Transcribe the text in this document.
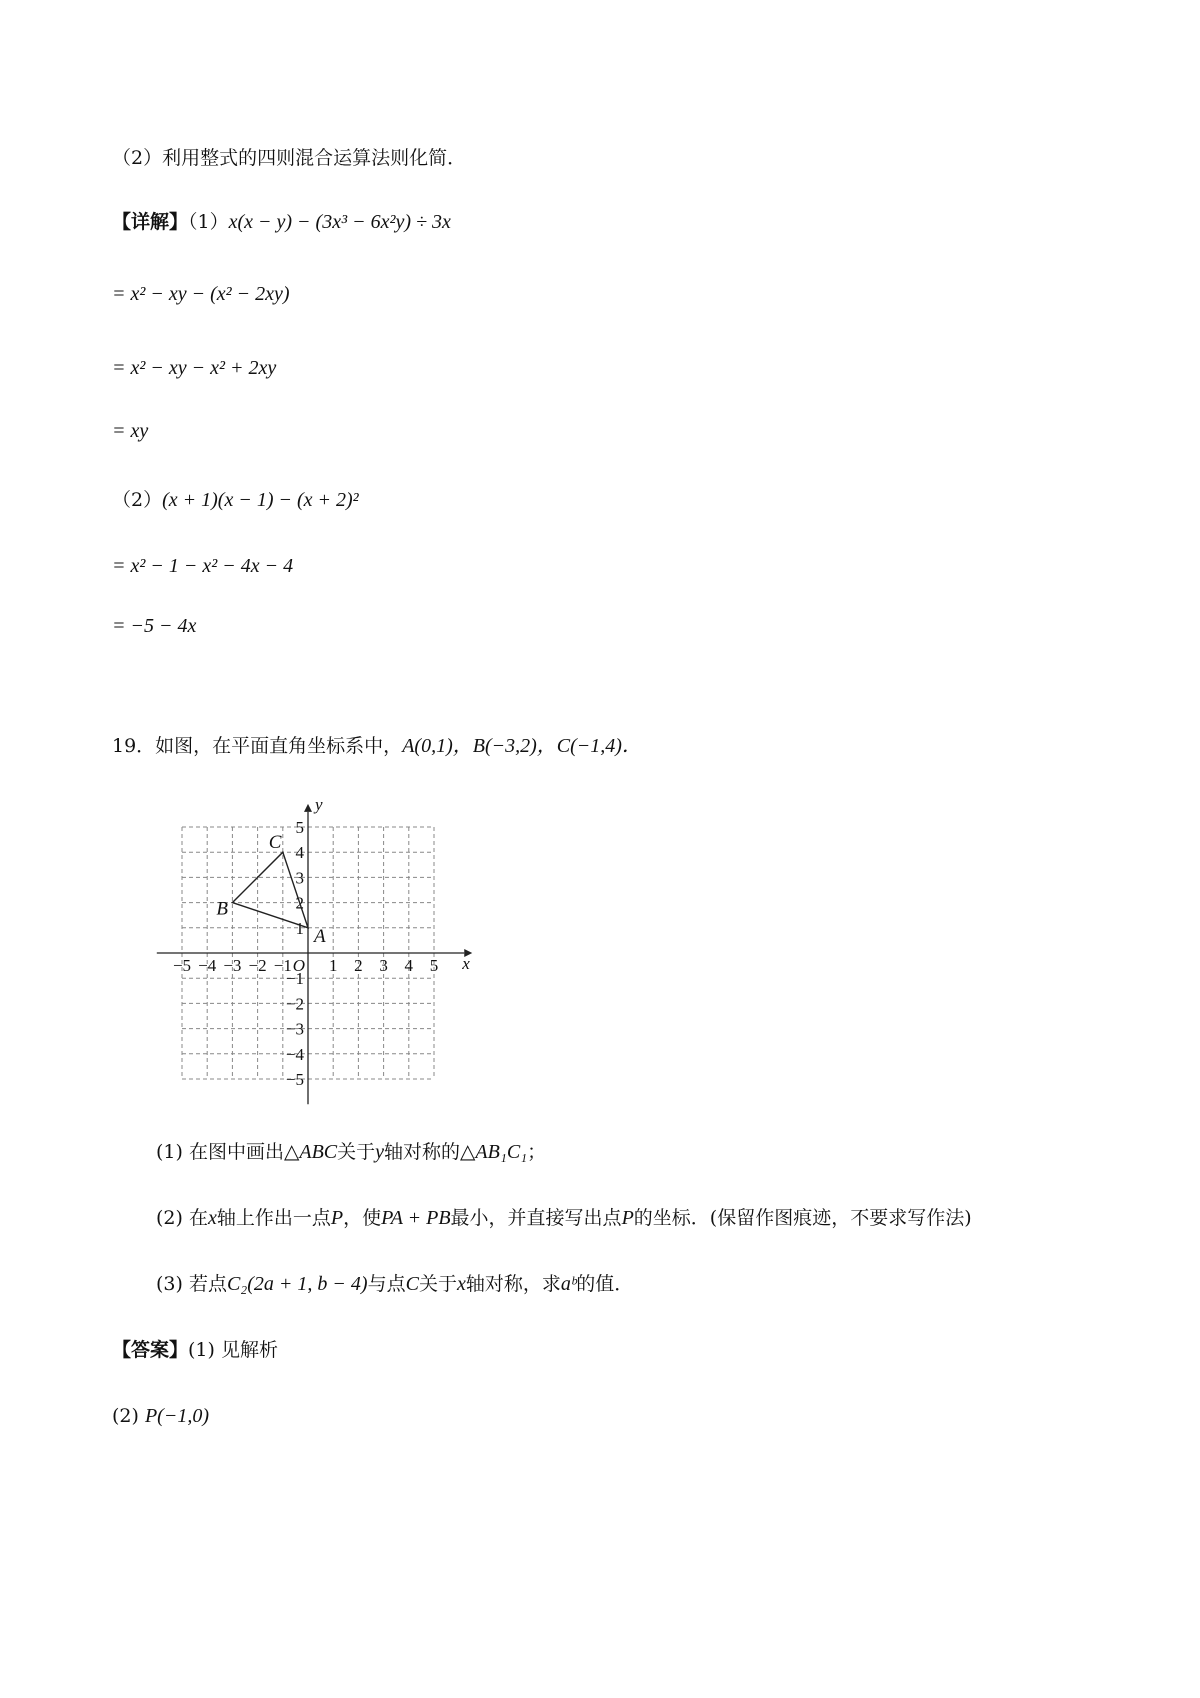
（2）利用整式的四则混合运算法则化简．
【详解】（1）x(x − y) − (3x³ − 6x²y) ÷ 3x
= x² − xy − (x² − 2xy)
= x² − xy − x² + 2xy
= xy
（2）(x + 1)(x − 1) − (x + 2)²
= x² − 1 − x² − 4x − 4
= −5 − 4x
19．如图，在平面直角坐标系中，A(0,1)，B(−3,2)，C(−1,4)．
−5 −4 −3 −2 −1 1 2 3 4 5
5
4
3
2
1
−1
−2
−3
−4
−5
O	x
y
A
B
C
(1) 在图中画出△ABC关于y轴对称的△AB₁C₁；
(2) 在x轴上作出一点P，使PA + PB最小，并直接写出点P的坐标．(保留作图痕迹，不要求写作法)
(3) 若点C₂(2a + 1, b − 4)与点C关于x轴对称，求aᵇ的值．
【答案】(1) 见解析
(2) P(−1,0)
